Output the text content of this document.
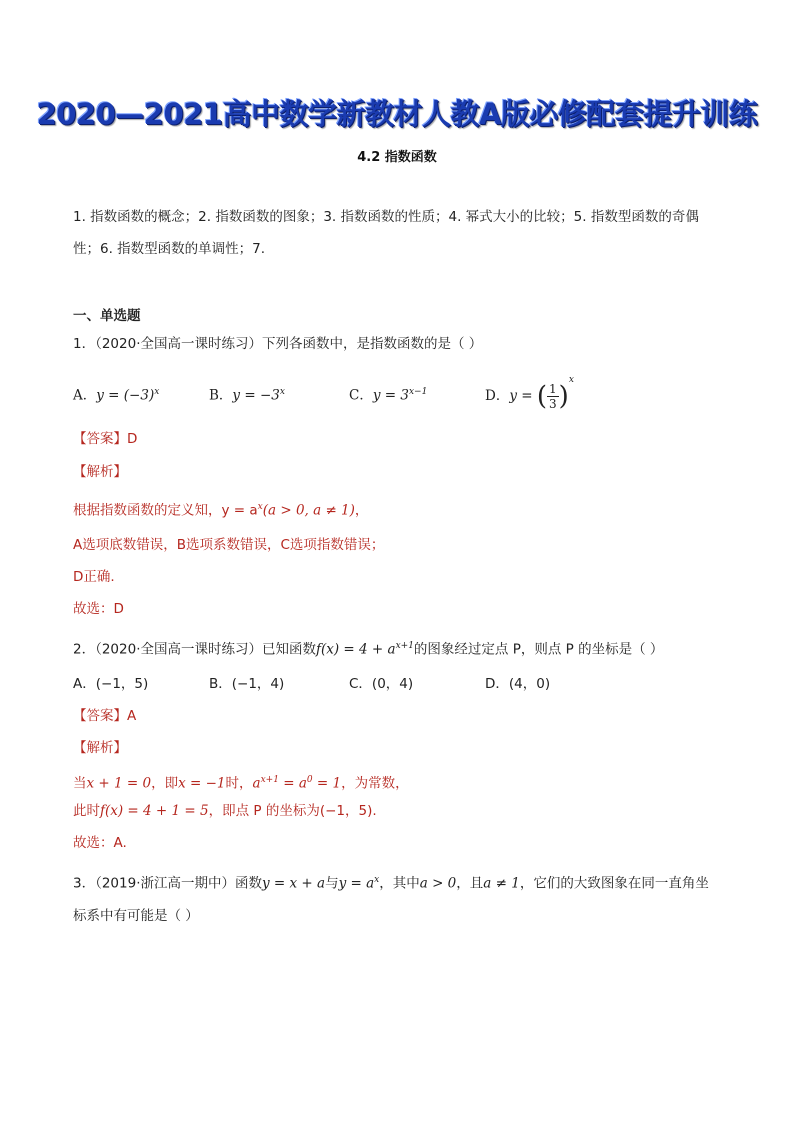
2020—2021高中数学新教材人教A版必修配套提升训练
4.2 指数函数
1. 指数函数的概念；2. 指数函数的图象；3. 指数函数的性质；4. 幂式大小的比较；5. 指数型函数的奇偶
性；6. 指数型函数的单调性；7.
一、单选题
1．（2020·全国高一课时练习）下列各函数中，是指数函数的是（ ）
A．$y = (-3)^x$	B．$y = -3^x$	C．$y = 3^{x-1}$	D．y = ( $\frac{1}{3})^x$
【答案】D
【解析】
根据指数函数的定义知，$y = a^x(a > 0$, a ≠ 1)，
A选项底数错误，B选项系数错误，C选项指数错误；
D正确.
故选：D
2．（2020·全国高一课时练习）已知函数$f(x) = 4 + a^{x+1}$的图象经过定点 P，则点 P 的坐标是（ ）
A．(−1，5)	B．(−1，4)	C．(0，4)	D．(4，0)
【答案】A
【解析】
当x + 1 = 0，即x = −1时，$a^{x+1} = a^0 = 1$，为常数，
此时f(x) = 4 + 1 = 5，即点 P 的坐标为(−1，5).
故选：A.
3．（2019·浙江高一期中）函数y = x + a与$y = a^x$，其中a > 0，且a ≠ 1，它们的大致图象在同一直角坐
标系中有可能是（ ）
